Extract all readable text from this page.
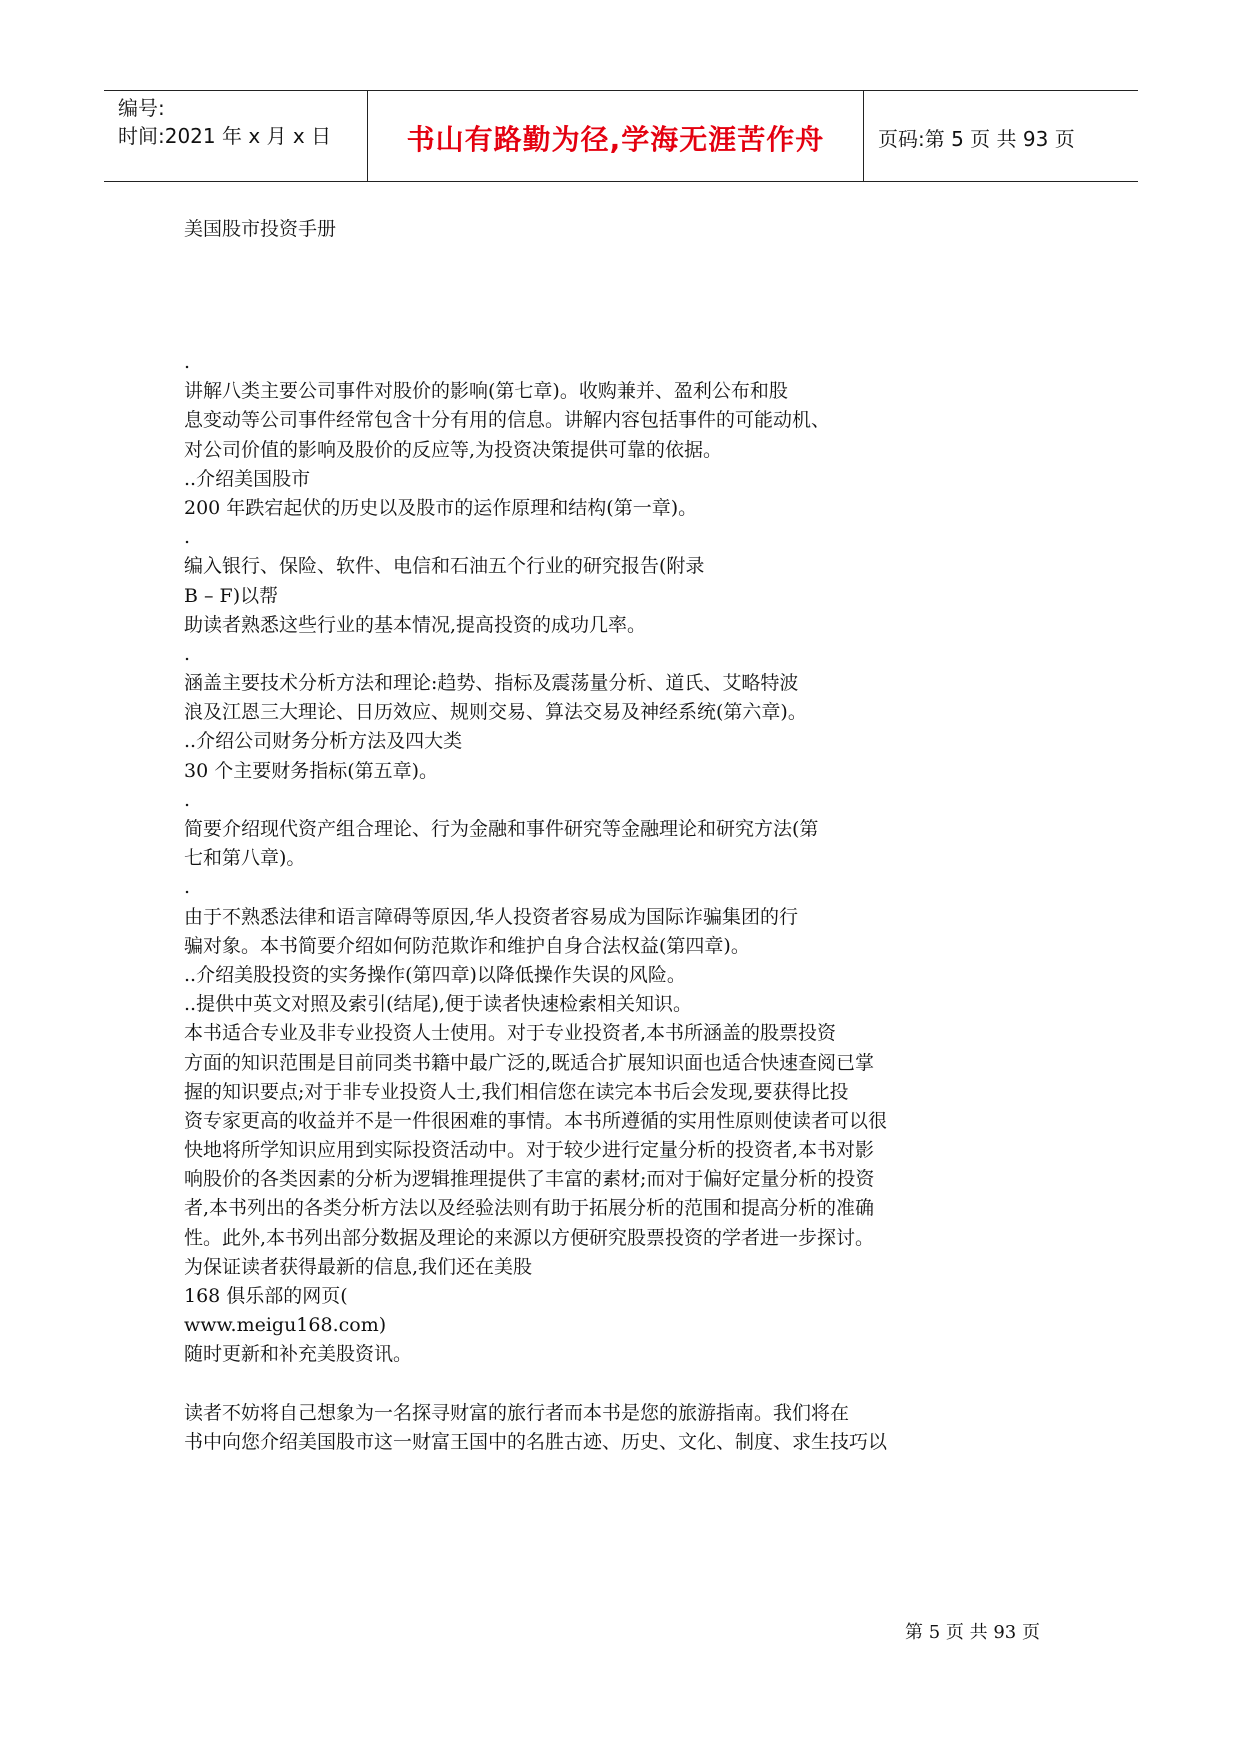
编号:
时间:2021 年 x 月 x 日	书山有路勤为径,学海无涯苦作舟	页码:第 5 页 共 93 页
美国股市投资手册
.
讲解八类主要公司事件对股价的影响(第七章)。收购兼并、盈利公布和股
息变动等公司事件经常包含十分有用的信息。讲解内容包括事件的可能动机、
对公司价值的影响及股价的反应等,为投资决策提供可靠的依据。
..介绍美国股市
200 年跌宕起伏的历史以及股市的运作原理和结构(第一章)。
.
编入银行、保险、软件、电信和石油五个行业的研究报告(附录
B – F)以帮
助读者熟悉这些行业的基本情况,提高投资的成功几率。
.
涵盖主要技术分析方法和理论:趋势、指标及震荡量分析、道氏、艾略特波
浪及江恩三大理论、日历效应、规则交易、算法交易及神经系统(第六章)。
..介绍公司财务分析方法及四大类
30 个主要财务指标(第五章)。
.
简要介绍现代资产组合理论、行为金融和事件研究等金融理论和研究方法(第
七和第八章)。
.
由于不熟悉法律和语言障碍等原因,华人投资者容易成为国际诈骗集团的行
骗对象。本书简要介绍如何防范欺诈和维护自身合法权益(第四章)。
..介绍美股投资的实务操作(第四章)以降低操作失误的风险。
..提供中英文对照及索引(结尾),便于读者快速检索相关知识。
本书适合专业及非专业投资人士使用。对于专业投资者,本书所涵盖的股票投资
方面的知识范围是目前同类书籍中最广泛的,既适合扩展知识面也适合快速查阅已掌
握的知识要点;对于非专业投资人士,我们相信您在读完本书后会发现,要获得比投
资专家更高的收益并不是一件很困难的事情。本书所遵循的实用性原则使读者可以很
快地将所学知识应用到实际投资活动中。对于较少进行定量分析的投资者,本书对影
响股价的各类因素的分析为逻辑推理提供了丰富的素材;而对于偏好定量分析的投资
者,本书列出的各类分析方法以及经验法则有助于拓展分析的范围和提高分析的准确
性。此外,本书列出部分数据及理论的来源以方便研究股票投资的学者进一步探讨。
为保证读者获得最新的信息,我们还在美股
168 俱乐部的网页(
www.meigu168.com)
随时更新和补充美股资讯。
读者不妨将自己想象为一名探寻财富的旅行者而本书是您的旅游指南。我们将在
书中向您介绍美国股市这一财富王国中的名胜古迹、历史、文化、制度、求生技巧以
第 5 页 共 93 页
